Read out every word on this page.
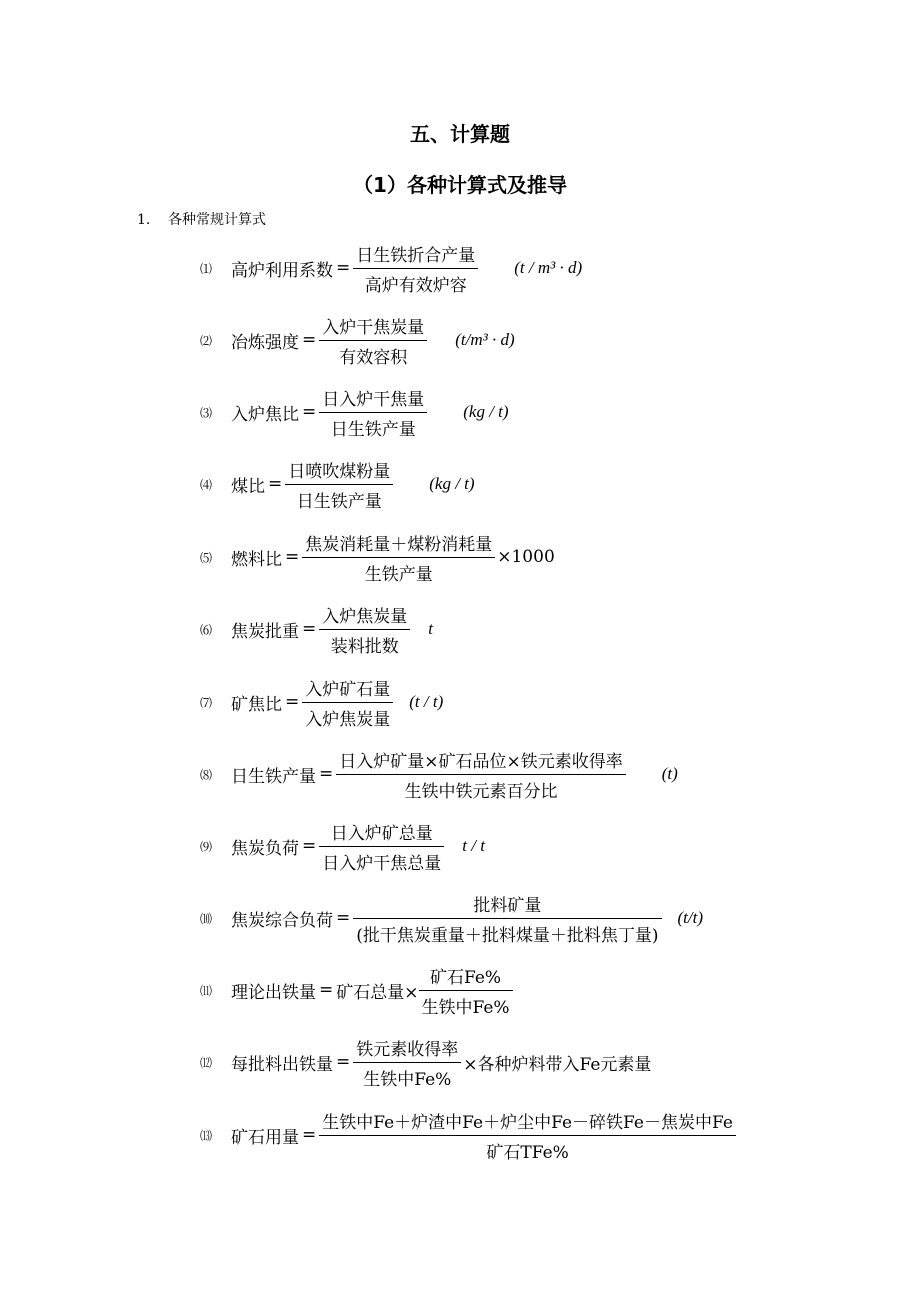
五、计算题
（1）各种计算式及推导
1. 各种常规计算式
⑴	高炉利用系数 = $\frac{\text{日生铁折合产量}}{\text{高炉有效炉容}} (t / m^3 \cdot d)$
⑵	冶炼强度 = $\frac{\text{入炉干焦炭量}}{\text{有效容积}} (t/m^3 \cdot d)$
⑶	入炉焦比 = $\frac{\text{日入炉干焦量}}{\text{日生铁产量}} (kg / t)$
⑷	煤比 = $\frac{\text{日喷吹煤粉量}}{\text{日生铁产量}} (kg / t)$
⑸	燃料比 = $\frac{\text{焦炭消耗量＋煤粉消耗量}}{\text{生铁产量}} \times 1000$
⑹	焦炭批重 = $\frac{\text{入炉焦炭量}}{\text{装料批数}}$ t
⑺	矿焦比 = $\frac{\text{入炉矿石量}}{\text{入炉焦炭量}} (t / t)$
⑻	日生铁产量 = $\frac{\text{日入炉矿量×矿石品位×铁元素收得率}}{\text{生铁中铁元素百分比}} (t)$
⑼	焦炭负荷 = $\frac{\text{日入炉矿总量}}{\text{日入炉干焦总量}}$ t / t
⑽	焦炭综合负荷 = $\frac{\text{批料矿量}}{\text{(批干焦炭重量＋批料煤量＋批料焦丁量)}} (t/t)$
⑾	理论出铁量 = 矿石总量× $\frac{\text{矿石Fe\%}}{\text{生铁中Fe\%}}$
⑿	每批料出铁量 = $\frac{\text{铁元素收得率}}{\text{生铁中Fe\%}}$ ×各种炉料带入Fe元素量
⒀	矿石用量 = $\frac{\text{生铁中Fe＋炉渣中Fe＋炉尘中Fe－碎铁Fe－焦炭中Fe}}{\text{矿石TFe\%}}$
